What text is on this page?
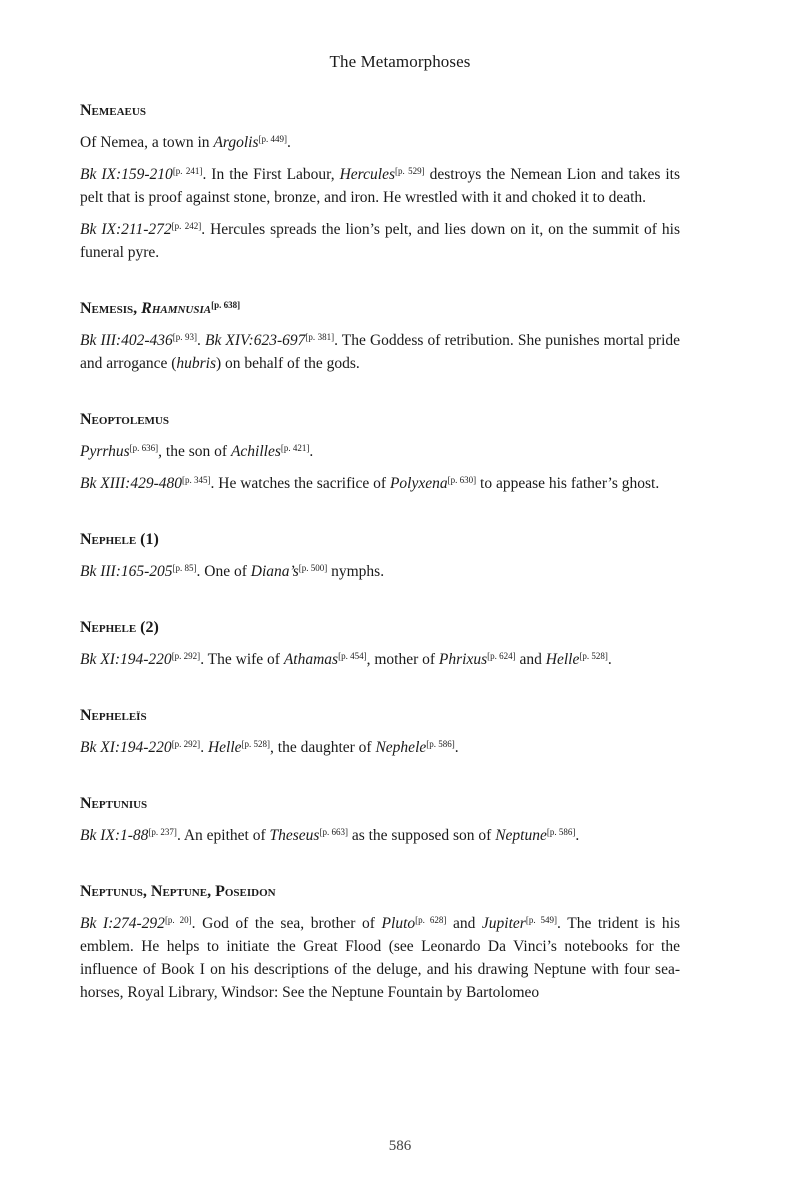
The Metamorphoses
Nemeaeus

Of Nemea, a town in Argolis[p. 449].

Bk IX:159-210[p. 241]. In the First Labour, Hercules[p. 529] destroys the Nemean Lion and takes its pelt that is proof against stone, bronze, and iron. He wrestled with it and choked it to death.

Bk IX:211-272[p. 242]. Hercules spreads the lion’s pelt, and lies down on it, on the summit of his funeral pyre.

Nemesis, Rhamnusia[p. 638]

Bk III:402-436[p. 93]. Bk XIV:623-697[p. 381]. The Goddess of retribution. She punishes mortal pride and arrogance (hubris) on behalf of the gods.

Neoptolemus

Pyrrhus[p. 636], the son of Achilles[p. 421].

Bk XIII:429-480[p. 345]. He watches the sacrifice of Polyxena[p. 630] to appease his father’s ghost.

Nephele (1)

Bk III:165-205[p. 85]. One of Diana’s[p. 500] nymphs.

Nephele (2)

Bk XI:194-220[p. 292]. The wife of Athamas[p. 454], mother of Phrixus[p. 624] and Helle[p. 528].

Nepheleïs

Bk XI:194-220[p. 292]. Helle[p. 528], the daughter of Nephele[p. 586].

Neptunius

Bk IX:1-88[p. 237]. An epithet of Theseus[p. 663] as the supposed son of Neptune[p. 586].

Neptunus, Neptune, Poseidon

Bk I:274-292[p. 20]. God of the sea, brother of Pluto[p. 628] and Jupiter[p. 549]. The trident is his emblem. He helps to initiate the Great Flood (see Leonardo Da Vinci’s notebooks for the influence of Book I on his descriptions of the deluge, and his drawing Neptune with four sea-horses, Royal Library, Windsor: See the Neptune Fountain by Bartolomeo

586
